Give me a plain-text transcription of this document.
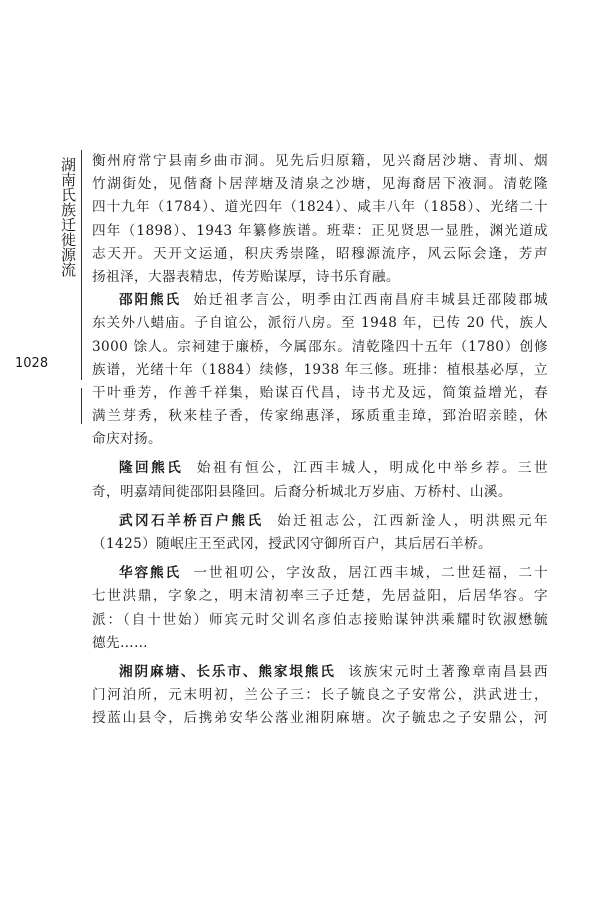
湖南氏族迁徙源流
1028
衡州府常宁县南乡曲市洞。见先后归原籍，见兴裔居沙塘、青圳、烟
竹湖街处，见偕裔卜居萍塘及清泉之沙塘，见海裔居下液洞。清乾隆
四十九年（1784）、道光四年（1824）、咸丰八年（1858）、光绪二十
四年（1898）、1943 年纂修族谱。班辈：正见贤思一显胜，渊光道成
志天开。天开文运通，积庆秀崇隆，昭穆源流序，风云际会逢，芳声
扬祖泽，大器表精忠，传芳贻谋厚，诗书乐育融。
邵阳熊氏 始迁祖孝言公，明季由江西南昌府丰城县迁邵陵郡城
东关外八蜡庙。子自谊公，派衍八房。至 1948 年，已传 20 代，族人
3000 馀人。宗祠建于廉桥，今属邵东。清乾隆四十五年（1780）创修
族谱，光绪十年（1884）续修，1938 年三修。班排：植根基必厚，立
干叶垂芳，作善千祥集，贻谋百代昌，诗书尤及远，简策益增光，春
满兰芽秀，秋来桂子香，传家绵惠泽，琢质重圭璋，郅治昭亲睦，休
命庆对扬。
隆回熊氏 始祖有恒公，江西丰城人，明成化中举乡荐。三世
奇，明嘉靖间徙邵阳县隆回。后裔分析城北万岁庙、万桥村、山溪。
武冈石羊桥百户熊氏 始迁祖志公，江西新淦人，明洪熙元年
（1425）随岷庄王至武冈，授武冈守御所百户，其后居石羊桥。
华容熊氏 一世祖叨公，字汝敌，居江西丰城，二世廷福，二十
七世洪鼎，字象之，明末清初率三子迁楚，先居益阳，后居华容。字
派：（自十世始）师宾元时父训名彦伯志接贻谋钟洪乘耀时钦淑懋毓
德先……
湘阴麻塘、长乐市、熊家垠熊氏 该族宋元时土著豫章南昌县西
门河泊所，元末明初，兰公子三：长子毓良之子安常公，洪武进士，
授蓝山县令，后携弟安华公落业湘阴麻塘。次子毓忠之子安鼎公，河
